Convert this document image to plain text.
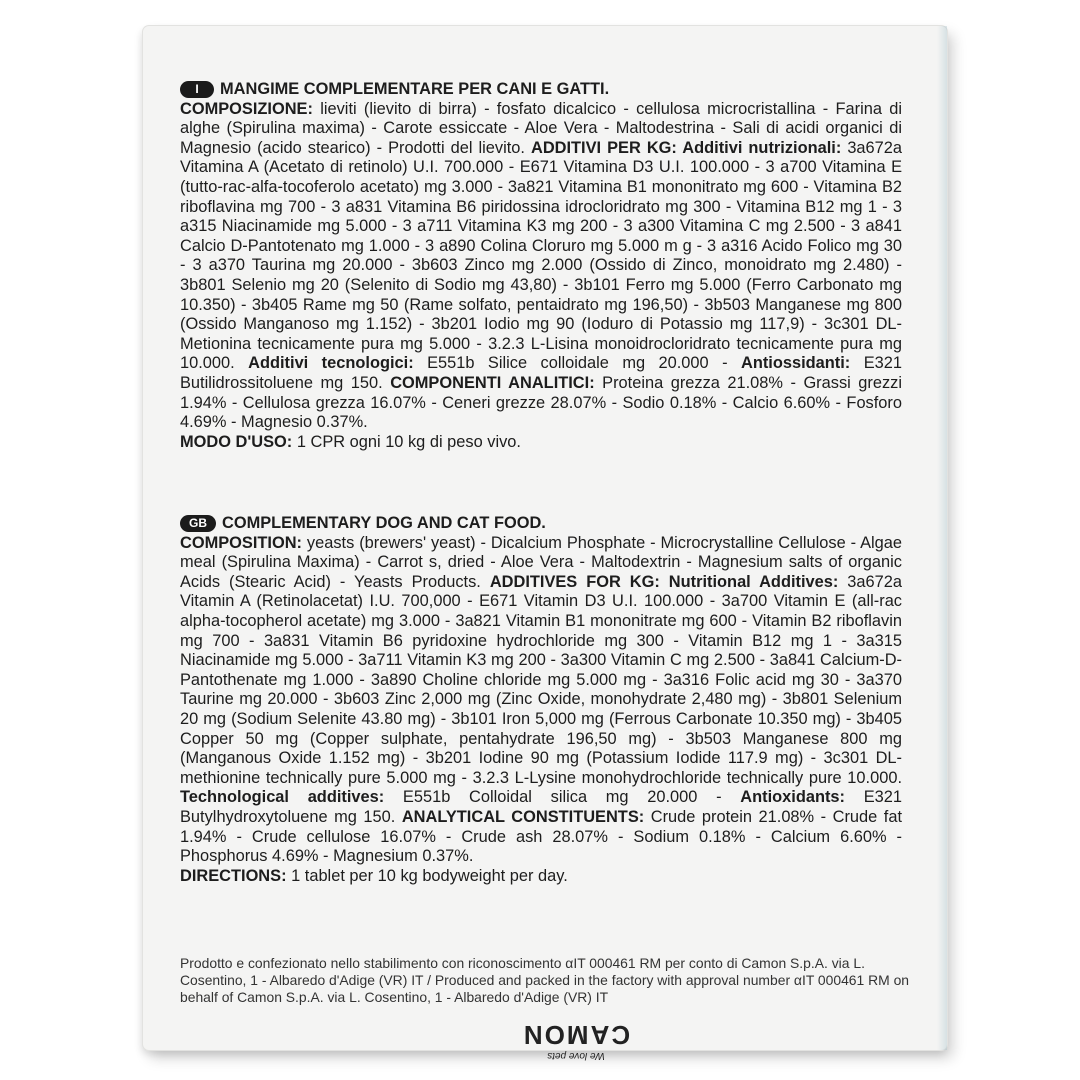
I MANGIME COMPLEMENTARE PER CANI E GATTI.
COMPOSIZIONE: lieviti (lievito di birra) - fosfato dicalcico - cellulosa microcristallina - Farina di alghe (Spirulina maxima) - Carote essiccate - Aloe Vera - Maltodestrina - Sali di acidi organici di Magnesio (acido stearico) - Prodotti del lievito. ADDITIVI PER KG: Additivi nutrizionali: 3a672a Vitamina A (Acetato di retinolo) U.I. 700.000 - E671 Vitamina D3 U.I. 100.000 - 3 a700 Vitamina E (tutto-rac-alfa-tocoferolo acetato) mg 3.000 - 3a821 Vitamina B1 mononitrato mg 600 - Vitamina B2 riboflavina mg 700 - 3 a831 Vitamina B6 piridossina idrocloridrato mg 300 - Vitamina B12 mg 1 - 3 a315 Niacinamide mg 5.000 - 3 a711 Vitamina K3 mg 200 - 3 a300 Vitamina C mg 2.500 - 3 a841 Calcio D-Pantotenato mg 1.000 - 3 a890 Colina Cloruro mg 5.000 m g - 3 a316 Acido Folico mg 30 - 3 a370 Taurina mg 20.000 - 3b603 Zinco mg 2.000 (Ossido di Zinco, monoidrato mg 2.480) - 3b801 Selenio mg 20 (Selenito di Sodio mg 43,80) - 3b101 Ferro mg 5.000 (Ferro Carbonato mg 10.350) - 3b405 Rame mg 50 (Rame solfato, pentaidrato mg 196,50) - 3b503 Manganese mg 800 (Ossido Manganoso mg 1.152) - 3b201 Iodio mg 90 (Ioduro di Potassio mg 117,9) - 3c301 DL-Metionina tecnicamente pura mg 5.000 - 3.2.3 L-Lisina monoidrocloridrato tecnicamente pura mg 10.000. Additivi tecnologici: E551b Silice colloidale mg 20.000 - Antiossidanti: E321 Butilidrossitoluene mg 150. COMPONENTI ANALITICI: Proteina grezza 21.08% - Grassi grezzi 1.94% - Cellulosa grezza 16.07% - Ceneri grezze 28.07% - Sodio 0.18% - Calcio 6.60% - Fosforo 4.69% - Magnesio 0.37%.
MODO D'USO: 1 CPR ogni 10 kg di peso vivo.
GB COMPLEMENTARY DOG AND CAT FOOD.
COMPOSITION: yeasts (brewers' yeast) - Dicalcium Phosphate - Microcrystalline Cellulose - Algae meal (Spirulina Maxima) - Carrot s, dried - Aloe Vera - Maltodextrin - Magnesium salts of organic Acids (Stearic Acid) - Yeasts Products. ADDITIVES FOR KG: Nutritional Additives: 3a672a Vitamin A (Retinolacetat) I.U. 700,000 - E671 Vitamin D3 U.I. 100.000 - 3a700 Vitamin E (all-rac alpha-tocopherol acetate) mg 3.000 - 3a821 Vitamin B1 mononitrate mg 600 - Vitamin B2 riboflavin mg 700 - 3a831 Vitamin B6 pyridoxine hydrochloride mg 300 - Vitamin B12 mg 1 - 3a315 Niacinamide mg 5.000 - 3a711 Vitamin K3 mg 200 - 3a300 Vitamin C mg 2.500 - 3a841 Calcium-D-Pantothenate mg 1.000 - 3a890 Choline chloride mg 5.000 mg - 3a316 Folic acid mg 30 - 3a370 Taurine mg 20.000 - 3b603 Zinc 2,000 mg (Zinc Oxide, monohydrate 2,480 mg) - 3b801 Selenium 20 mg (Sodium Selenite 43.80 mg) - 3b101 Iron 5,000 mg (Ferrous Carbonate 10.350 mg) - 3b405 Copper 50 mg (Copper sulphate, pentahydrate 196,50 mg) - 3b503 Manganese 800 mg (Manganous Oxide 1.152 mg) - 3b201 Iodine 90 mg (Potassium Iodide 117.9 mg) - 3c301 DL-methionine technically pure 5.000 mg - 3.2.3 L-Lysine monohydrochloride technically pure 10.000. Technological additives: E551b Colloidal silica mg 20.000 - Antioxidants: E321 Butylhydroxytoluene mg 150. ANALYTICAL CONSTITUENTS: Crude protein 21.08% - Crude fat 1.94% - Crude cellulose 16.07% - Crude ash 28.07% - Sodium 0.18% - Calcium 6.60% - Phosphorus 4.69% - Magnesium 0.37%.
DIRECTIONS: 1 tablet per 10 kg bodyweight per day.
Prodotto e confezionato nello stabilimento con riconoscimento αIT 000461 RM per conto di Camon S.p.A. via L. Cosentino, 1 - Albaredo d'Adige (VR) IT / Produced and packed in the factory with approval number αIT 000461 RM on behalf of Camon S.p.A. via L. Cosentino, 1 - Albaredo d'Adige (VR) IT
We love pets
CAMON
